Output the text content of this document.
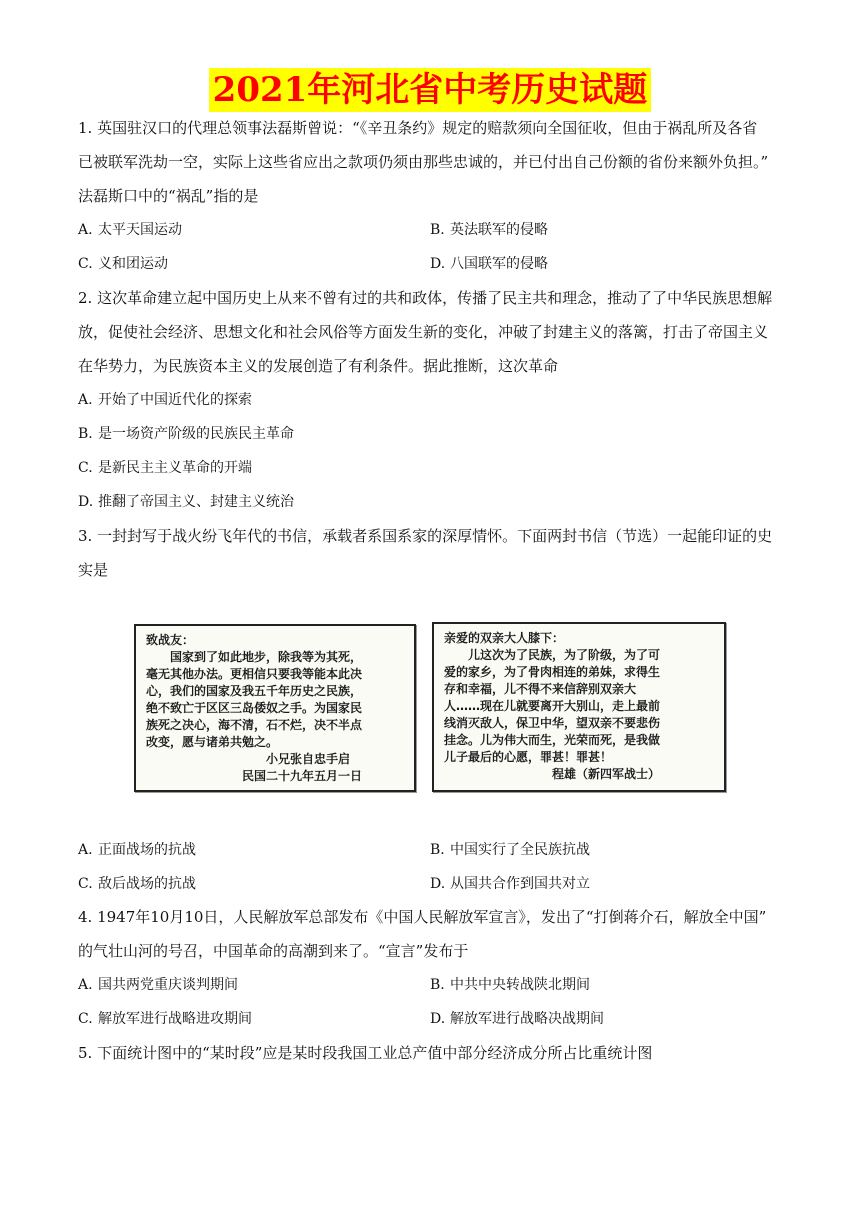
2021年河北省中考历史试题
1. 英国驻汉口的代理总领事法磊斯曾说：“《辛丑条约》规定的赔款须向全国征收，但由于祸乱所及各省
已被联军洗劫一空，实际上这些省应出之款项仍须由那些忠诚的，并已付出自己份额的省份来额外负担。”
法磊斯口中的“祸乱”指的是
A. 太平天国运动	B. 英法联军的侵略
C. 义和团运动	D. 八国联军的侵略
2. 这次革命建立起中国历史上从来不曾有过的共和政体，传播了民主共和理念，推动了了中华民族思想解
放，促使社会经济、思想文化和社会风俗等方面发生新的变化，冲破了封建主义的落篱，打击了帝国主义
在华势力，为民族资本主义的发展创造了有利条件。据此推断，这次革命
A. 开始了中国近代化的探索
B. 是一场资产阶级的民族民主革命
C. 是新民主主义革命的开端
D. 推翻了帝国主义、封建主义统治
3. 一封封写于战火纷飞年代的书信，承载者系国系家的深厚情怀。下面两封书信（节选）一起能印证的史
实是
致战友：
　　国家到了如此地步，除我等为其死，
毫无其他办法。更相信只要我等能本此决
心，我们的国家及我五千年历史之民族，
绝不致亡于区区三岛倭奴之手。为国家民
族死之决心，海不清，石不烂，决不半点
改变，愿与诸弟共勉之。
　　　　　　　　　　小兄张自忠手启
　　　　　　　　民国二十九年五月一日
亲爱的双亲大人膝下：
　　儿这次为了民族，为了阶级，为了可
爱的家乡，为了骨肉相连的弟妹，求得生
存和幸福，儿不得不来信辞别双亲大
人……现在儿就要离开大别山，走上最前
线消灭敌人，保卫中华，望双亲不要悲伤
挂念。儿为伟大而生，光荣而死，是我做
儿子最后的心愿，罪甚！罪甚！
　　　　　　　　　程雄（新四军战士）
A. 正面战场的抗战	B. 中国实行了全民族抗战
C. 敌后战场的抗战	D. 从国共合作到国共对立
4. 1947年10月10日，人民解放军总部发布《中国人民解放军宣言》，发出了“打倒蒋介石，解放全中国”
的气壮山河的号召，中国革命的高潮到来了。“宣言”发布于
A. 国共两党重庆谈判期间	B. 中共中央转战陕北期间
C. 解放军进行战略进攻期间	D. 解放军进行战略决战期间
5. 下面统计图中的“某时段”应是某时段我国工业总产值中部分经济成分所占比重统计图
